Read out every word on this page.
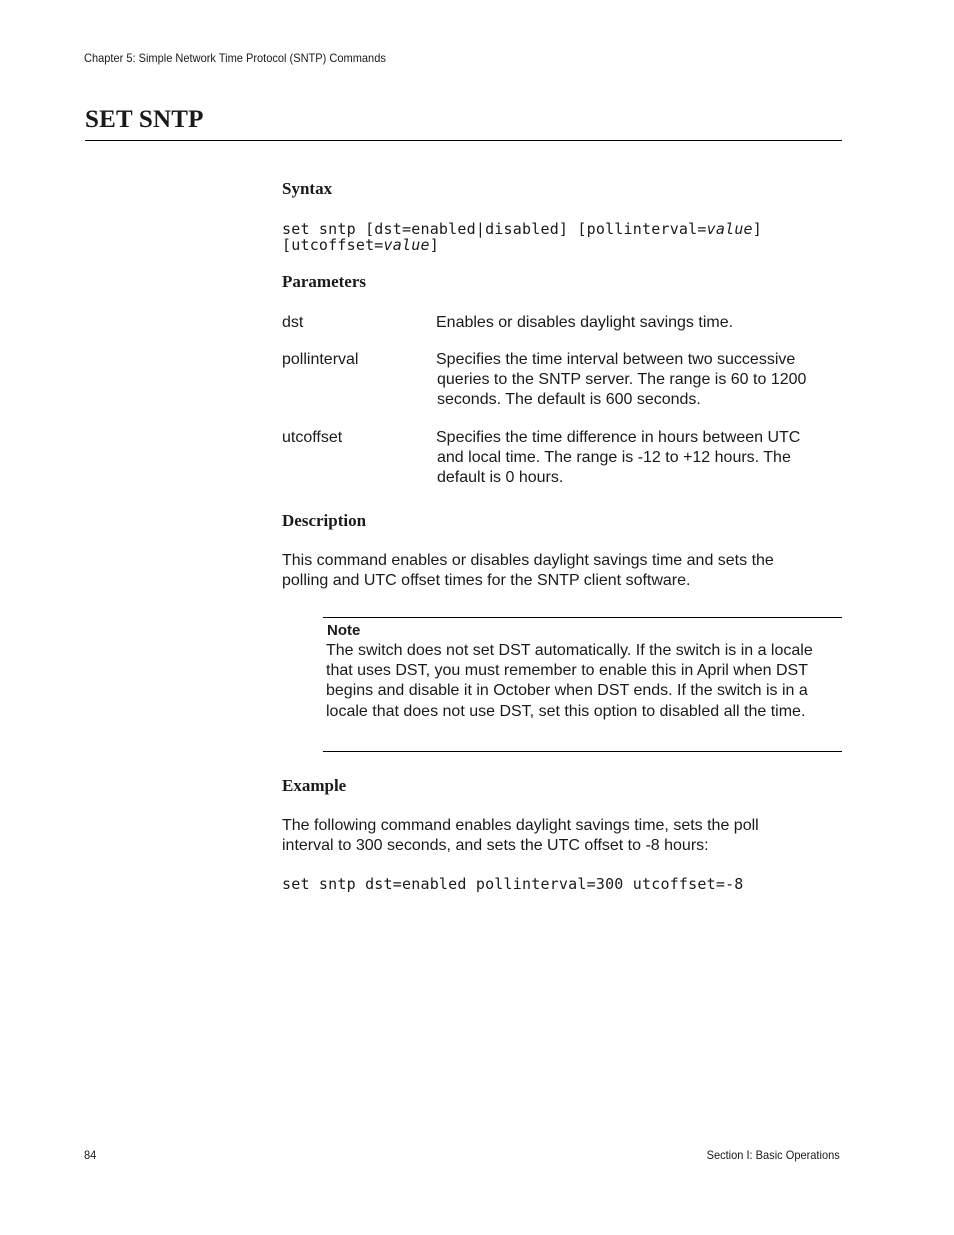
Chapter 5: Simple Network Time Protocol (SNTP) Commands
SET SNTP
Syntax
set sntp [dst=enabled|disabled] [pollinterval=value]
[utcoffset=value]
Parameters
dst	Enables or disables daylight savings time.
pollinterval	Specifies the time interval between two successive
queries to the SNTP server. The range is 60 to 1200
seconds. The default is 600 seconds.
utcoffset	Specifies the time difference in hours between UTC
and local time. The range is -12 to +12 hours. The
default is 0 hours.
Description
This command enables or disables daylight savings time and sets the polling and UTC offset times for the SNTP client software.
Note
The switch does not set DST automatically. If the switch is in a locale that uses DST, you must remember to enable this in April when DST begins and disable it in October when DST ends. If the switch is in a locale that does not use DST, set this option to disabled all the time.
Example
The following command enables daylight savings time, sets the poll interval to 300 seconds, and sets the UTC offset to -8 hours:
set sntp dst=enabled pollinterval=300 utcoffset=-8
84	Section I: Basic Operations
